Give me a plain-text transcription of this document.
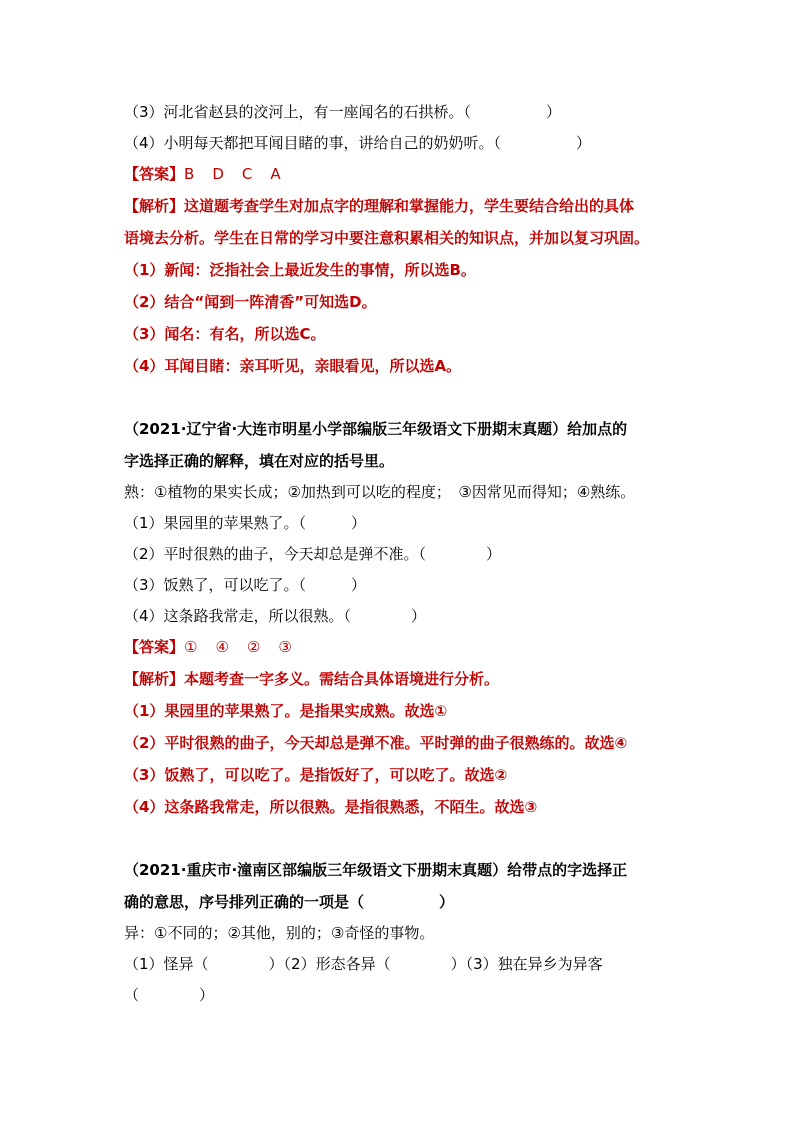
（3）河北省赵县的洨河上，有一座闻名的石拱桥。（　　　　　）
（4）小明每天都把耳闻目睹的事，讲给自己的奶奶听。（　　　　　）
【答案】B D C A
【解析】这道题考查学生对加点字的理解和掌握能力，学生要结合给出的具体
语境去分析。学生在日常的学习中要注意积累相关的知识点，并加以复习巩固。
（1）新闻：泛指社会上最近发生的事情，所以选B。
（2）结合“闻到一阵清香”可知选D。
（3）闻名：有名，所以选C。
（4）耳闻目睹：亲耳听见，亲眼看见，所以选A。
（2021·辽宁省·大连市明星小学部编版三年级语文下册期末真题）给加点的
字选择正确的解释，填在对应的括号里。
熟：①植物的果实长成；②加热到可以吃的程度；　③因常见而得知；④熟练。
（1）果园里的苹果熟了。（　　　）
（2）平时很熟的曲子，今天却总是弹不准。（　　　　）
（3）饭熟了，可以吃了。（　　　）
（4）这条路我常走，所以很熟。（　　　　）
【答案】① ④ ② ③
【解析】本题考查一字多义。需结合具体语境进行分析。
（1）果园里的苹果熟了。是指果实成熟。故选①
（2）平时很熟的曲子，今天却总是弹不准。平时弹的曲子很熟练的。故选④
（3）饭熟了，可以吃了。是指饭好了，可以吃了。故选②
（4）这条路我常走，所以很熟。是指很熟悉，不陌生。故选③
（2021·重庆市·潼南区部编版三年级语文下册期末真题）给带点的字选择正
确的意思，序号排列正确的一项是（　　　　　）
异：①不同的；②其他，别的；③奇怪的事物。
（1）怪异（　　　　）（2）形态各异（　　　　）（3）独在异乡为异客
（　　　　）
